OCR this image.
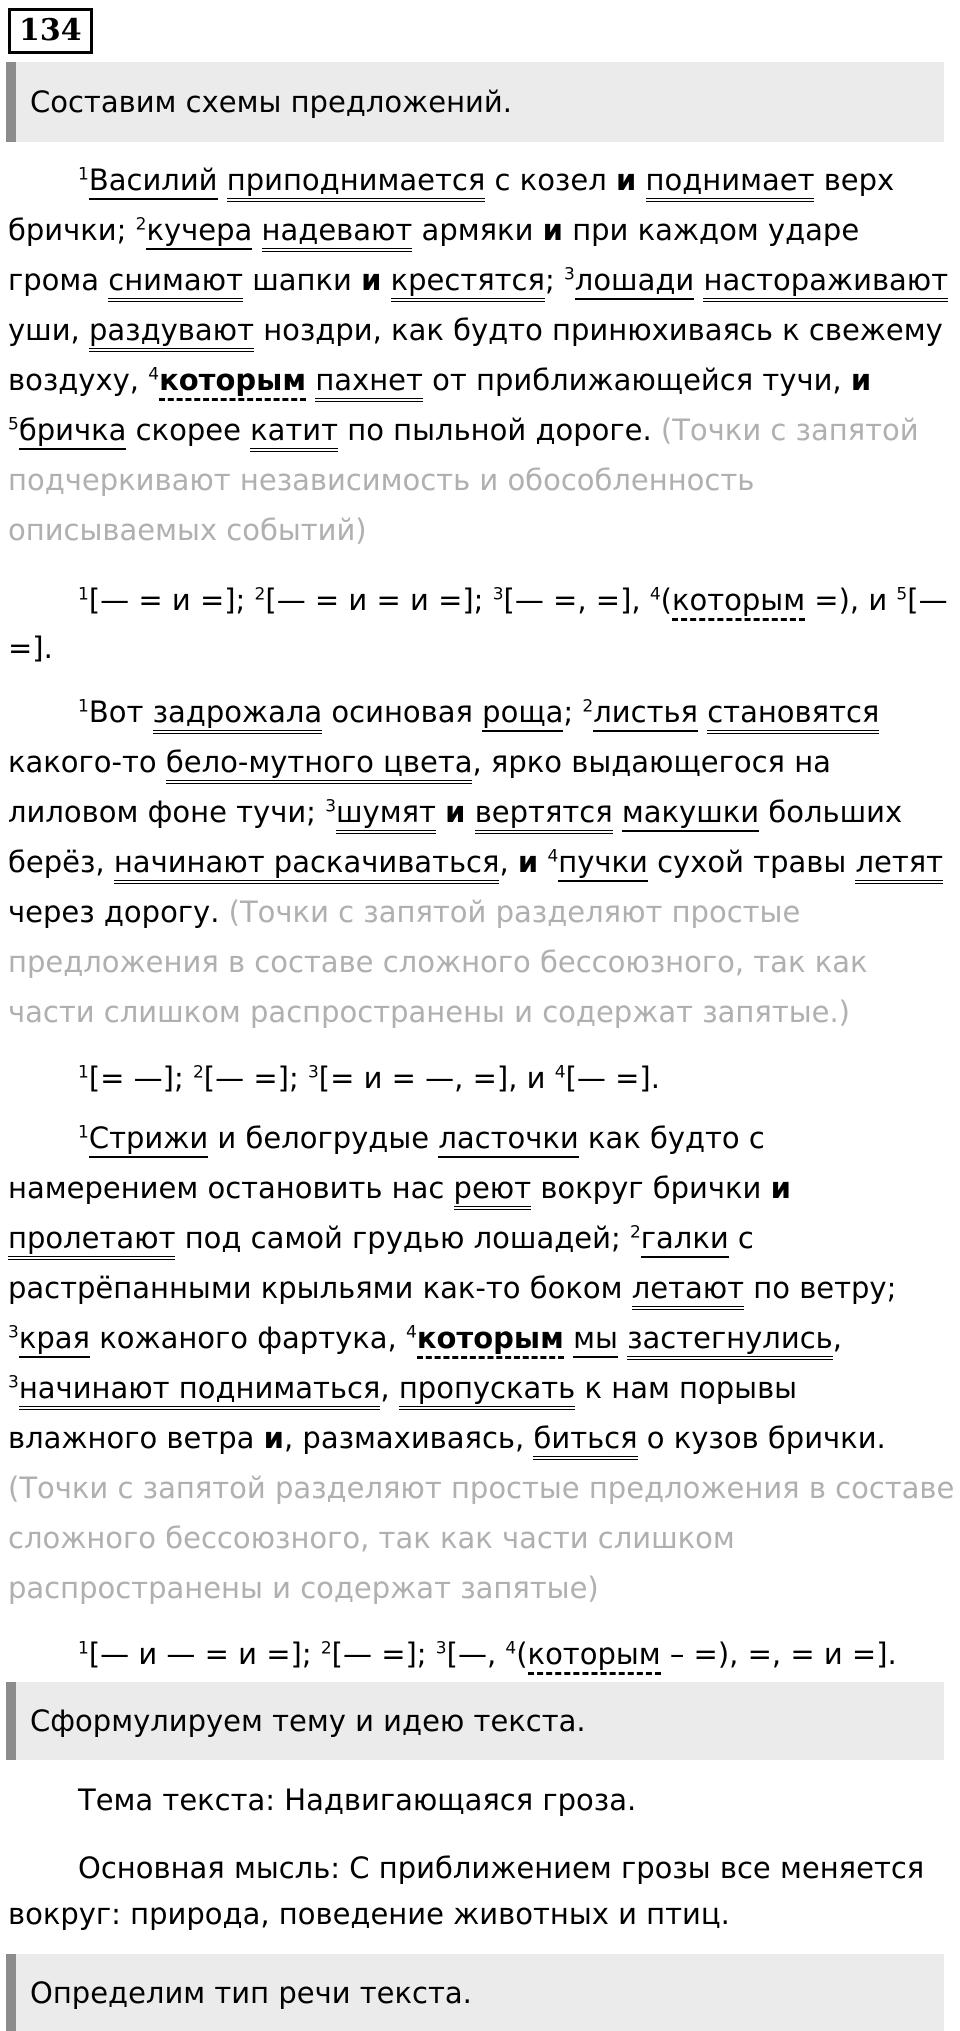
134
Составим схемы предложений.
$^1$Василий приподнимается с козел и поднимает верх
брички; $^2$кучера надевают армяки и при каждом ударе
грома снимают шапки и крестятся; $^3$лошади настораживают
уши, раздувают ноздри, как будто принюхиваясь к свежему
воздуху, $^4$которым пахнет от приближающейся тучи, и
$^5$бричка скорее катит по пыльной дороге. (Точки с запятой
подчеркивают независимость и обособленность
описываемых событий)
$^1$[— = и =]; $^2$[— = и = и =]; $^3$[— =, =], $^4$(которым =), и $^5$[—
=].
$^1$Вот задрожала осиновая роща; $^2$листья становятся
какого-то бело-мутного цвета, ярко выдающегося на
лиловом фоне тучи; $^3$шумят и вертятся макушки больших
берёз, начинают раскачиваться, и $^4$пучки сухой травы летят
через дорогу. (Точки с запятой разделяют простые
предложения в составе сложного бессоюзного, так как
части слишком распространены и содержат запятые.)
$^1$[= —]; $^2$[— =]; $^3$[= и = —, =], и $^4$[— =].
$^1$Стрижи и белогрудые ласточки как будто с
намерением остановить нас реют вокруг брички и
пролетают под самой грудью лошадей; $^2$галки с
растрёпанными крыльями как-то боком летают по ветру;
$^3$края кожаного фартука, $^4$которым мы застегнулись,
$^3$начинают подниматься, пропускать к нам порывы
влажного ветра и, размахиваясь, биться о кузов брички.
(Точки с запятой разделяют простые предложения в составе
сложного бессоюзного, так как части слишком
распространены и содержат запятые)
$^1$[— и — = и =]; $^2$[— =]; $^3$[—, $^4$(которым – =), =, = и =].
Сформулируем тему и идею текста.
Тема текста: Надвигающаяся гроза.
Основная мысль: С приближением грозы все меняется
вокруг: природа, поведение животных и птиц.
Определим тип речи текста.
